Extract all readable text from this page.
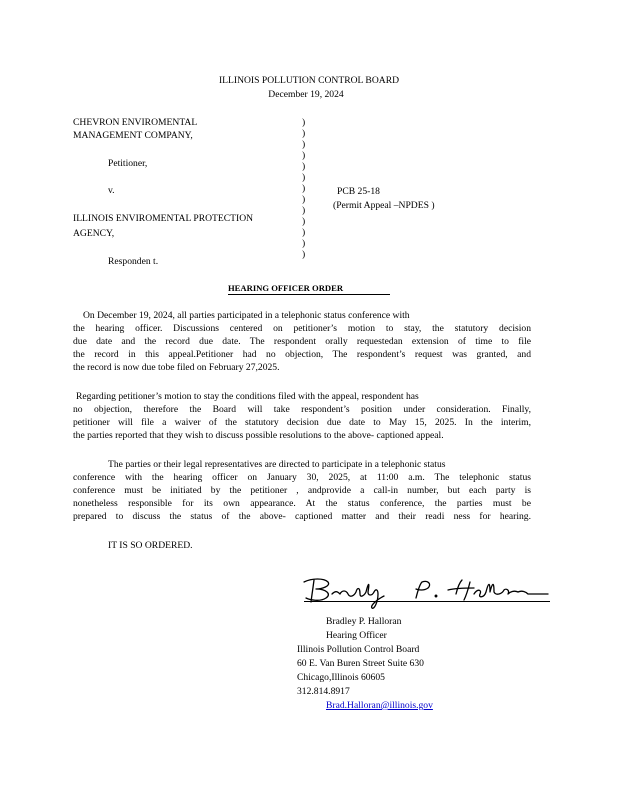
ILLINOIS POLLUTION CONTROL BOARD
December 19, 2024
CHEVRON ENVIROMENTAL
MANAGEMENT COMPANY,
Petitioner,
v.
ILLINOIS ENVIROMENTAL PROTECTION
AGENCY,
Responden t.
)
)
)
)
)
)
)
)
)
)
)
)
)
PCB 25-18
(Permit Appeal –NPDES )
HEARING OFFICER ORDER

On December 19, 2024, all parties participated in a telephonic status conference with

the hearing officer. Discussions centered on petitioner’s motion to stay, the statutory decision

due date and the record due date. The respondent orally requestedan extension of time to file

the record in this appeal.Petitioner had no objection, The respondent’s request was granted, and

the record is now due tobe filed on February 27,2025.

Regarding petitioner’s motion to stay the conditions filed with the appeal, respondent has

no objection, therefore the Board will take respondent’s position under consideration. Finally,

petitioner will file a waiver of the statutory decision due date to May 15, 2025. In the interim,

the parties reported that they wish to discuss possible resolutions to the above- captioned appeal.

The parties or their legal representatives are directed to participate in a telephonic status

conference with the hearing officer on January 30, 2025, at 11:00 a.m. The telephonic status

conference must be initiated by the petitioner , andprovide a call-in number, but each party is

nonetheless responsible for its own appearance. At the status conference, the parties must be

prepared to discuss the status of the above- captioned matter and their readi ness for hearing.

IT IS SO ORDERED.
Bradley P. Halloran
Hearing Officer
Illinois Pollution Control Board
60 E. Van Buren Street Suite 630
Chicago,Illinois 60605
312.814.8917
Brad.Halloran@illinois.gov
